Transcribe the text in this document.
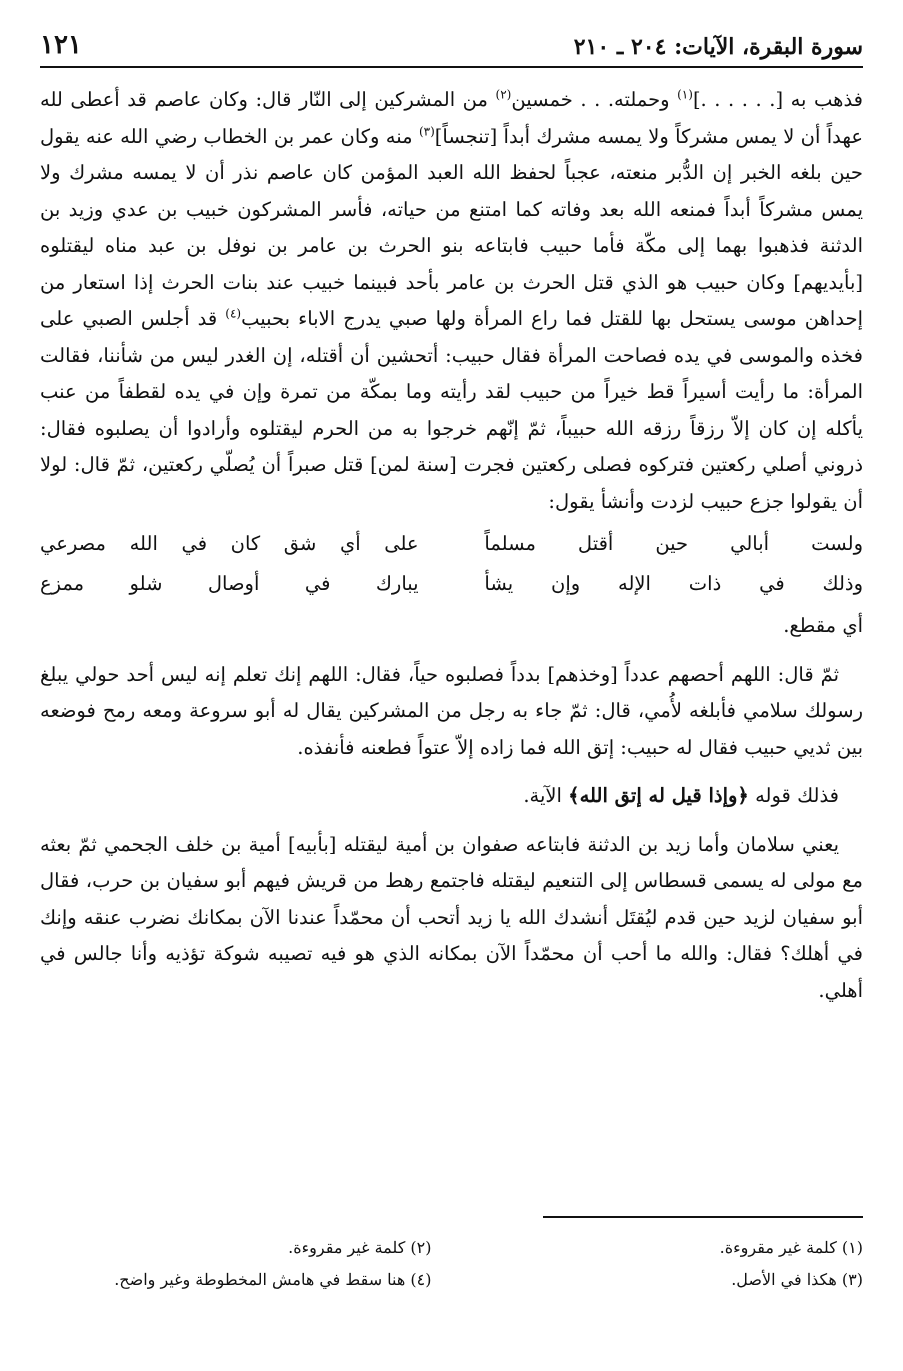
سورة البقرة، الآيات: ٢٠٤ ـ ٢١٠
١٢١

فذهب به [. . . . . .]$^{(١)}$ وحملته. . . خمسين$^{(٢)}$ من المشركين إلى النّار قال: وكان عاصم قد أعطى لله عهداً أن لا يمس مشركاً ولا يمسه مشرك أبداً [تنجساً]$^{(٣)}$ منه وكان عمر بن الخطاب رضي الله عنه يقول حين بلغه الخبر إن الدُّبر منعته، عجباً لحفظ الله العبد المؤمن كان عاصم نذر أن لا يمسه مشرك ولا يمس مشركاً أبداً فمنعه الله بعد وفاته كما امتنع من حياته، فأسر المشركون خبيب بن عدي وزيد بن الدثنة فذهبوا بهما إلى مكّة فأما حبيب فابتاعه بنو الحرث بن عامر بن نوفل بن عبد مناه ليقتلوه [بأيديهم] وكان حبيب هو الذي قتل الحرث بن عامر بأحد فبينما خبيب عند بنات الحرث إذا استعار من إحداهن موسى يستحل بها للقتل فما راع المرأة ولها صبي يدرج الاباء بحبيب$^{(٤)}$ قد أجلس الصبي على فخذه والموسى في يده فصاحت المرأة فقال حبيب: أتحشين أن أقتله، إن الغدر ليس من شأننا، فقالت المرأة: ما رأيت أسيراً قط خيراً من حبيب لقد رأيته وما بمكّة من تمرة وإن في يده لقطفاً من عنب يأكله إن كان إلاّ رزقاً رزقه الله حبيباً، ثمّ إنّهم خرجوا به من الحرم ليقتلوه وأرادوا أن يصلبوه فقال: ذروني أصلي ركعتين فتركوه فصلى ركعتين فجرت [سنة لمن] قتل صبراً أن يُصلّي ركعتين، ثمّ قال: لولا أن يقولوا جزع حبيب لزدت وأنشأ يقول:

ولست أبالي حين أقتل مسلماً
على أي شق كان في الله مصرعي
وذلك في ذات الإله وإن يشأ
يبارك في أوصال شلو ممزع

أي مقطع.

ثمّ قال: اللهم أحصهم عدداً [وخذهم] بدداً فصلبوه حياً، فقال: اللهم إنك تعلم إنه ليس أحد حولي يبلغ رسولك سلامي فأبلغه لأُمي، قال: ثمّ جاء به رجل من المشركين يقال له أبو سروعة ومعه رمح فوضعه بين ثديي حبيب فقال له حبيب: إتق الله فما زاده إلاّ عتواً فطعنه فأنفذه.

فذلك قوله ﴿وإذا قيل له إتق الله﴾ الآية.

يعني سلامان وأما زيد بن الدثنة فابتاعه صفوان بن أمية ليقتله [بأبيه] أمية بن خلف الجحمي ثمّ بعثه مع مولى له يسمى قسطاس إلى التنعيم ليقتله فاجتمع رهط من قريش فيهم أبو سفيان بن حرب، فقال أبو سفيان لزيد حين قدم ليُقتَل أنشدك الله يا زيد أتحب أن محمّداً عندنا الآن بمكانك نضرب عنقه وإنك في أهلك؟ فقال: والله ما أحب أن محمّداً الآن بمكانه الذي هو فيه تصيبه شوكة تؤذيه وأنا جالس في أهلي.

(١) كلمة غير مقروءة.
(٢) كلمة غير مقروءة.
(٣) هكذا في الأصل.
(٤) هنا سقط في هامش المخطوطة وغير واضح.
